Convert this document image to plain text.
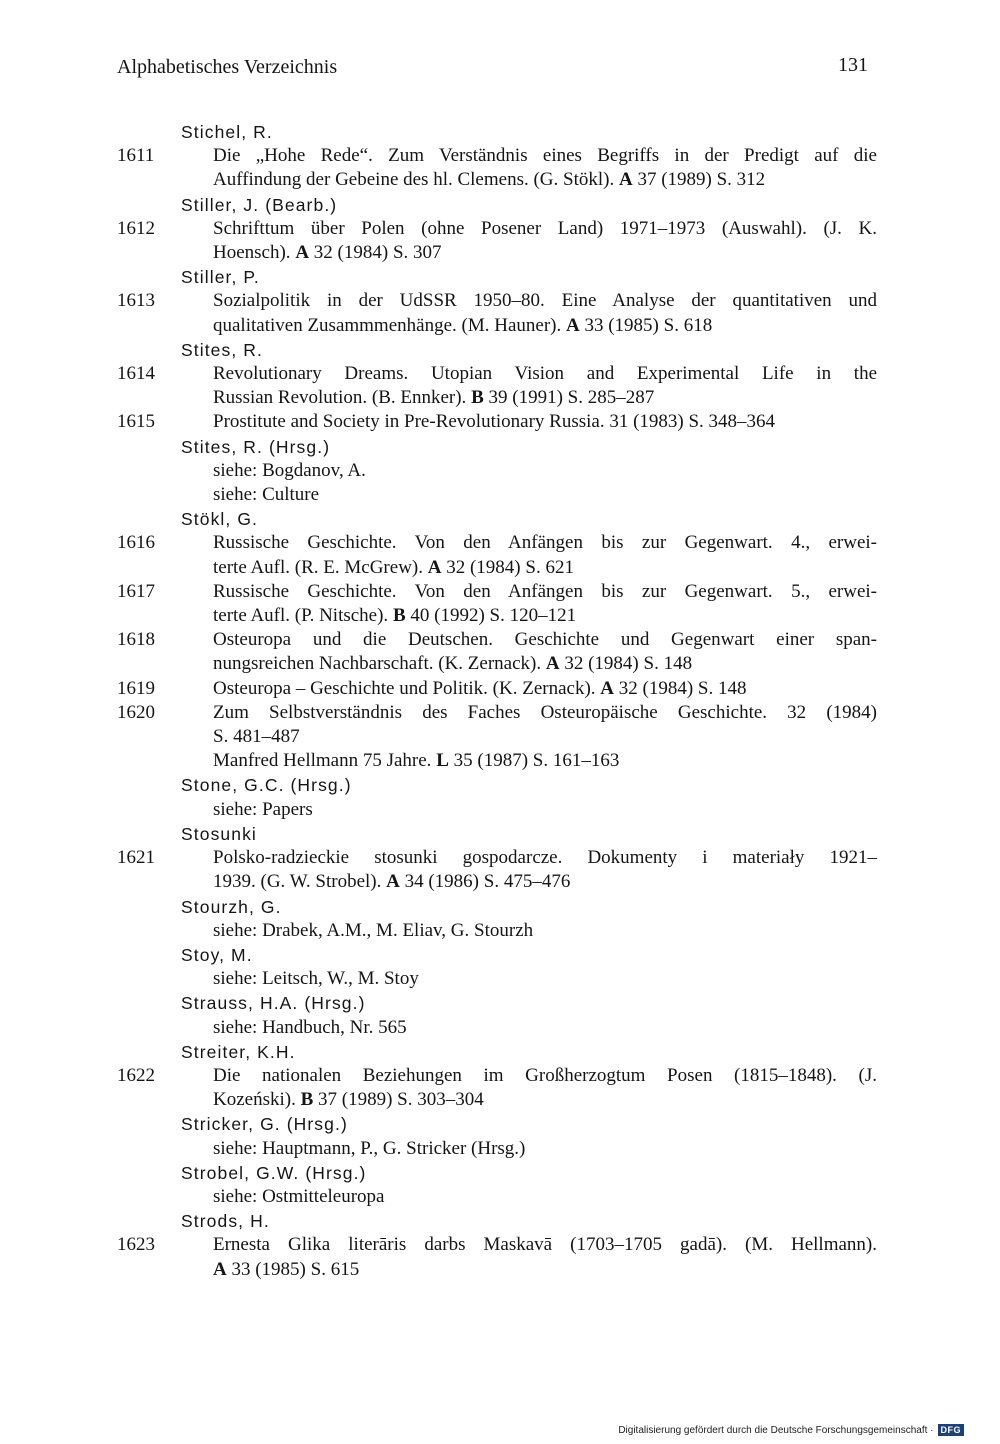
Alphabetisches Verzeichnis	131
Stichel, R.
1611	Die „Hohe Rede“. Zum Verständnis eines Begriffs in der Predigt auf die
Auffindung der Gebeine des hl. Clemens. (G. Stökl). A 37 (1989) S. 312
Stiller, J. (Bearb.)
1612	Schrifttum über Polen (ohne Posener Land) 1971–1973 (Auswahl). (J. K.
Hoensch). A 32 (1984) S. 307
Stiller, P.
1613	Sozialpolitik in der UdSSR 1950–80. Eine Analyse der quantitativen und
qualitativen Zusammmenhänge. (M. Hauner). A 33 (1985) S. 618
Stites, R.
1614	Revolutionary Dreams. Utopian Vision and Experimental Life in the
Russian Revolution. (B. Ennker). B 39 (1991) S. 285–287
1615	Prostitute and Society in Pre-Revolutionary Russia. 31 (1983) S. 348–364
Stites, R. (Hrsg.)
siehe: Bogdanov, A.
siehe: Culture
Stökl, G.
1616	Russische Geschichte. Von den Anfängen bis zur Gegenwart. 4., erwei-
terte Aufl. (R. E. McGrew). A 32 (1984) S. 621
1617	Russische Geschichte. Von den Anfängen bis zur Gegenwart. 5., erwei-
terte Aufl. (P. Nitsche). B 40 (1992) S. 120–121
1618	Osteuropa und die Deutschen. Geschichte und Gegenwart einer span-
nungsreichen Nachbarschaft. (K. Zernack). A 32 (1984) S. 148
1619	Osteuropa – Geschichte und Politik. (K. Zernack). A 32 (1984) S. 148
1620	Zum Selbstverständnis des Faches Osteuropäische Geschichte. 32 (1984)
S. 481–487
Manfred Hellmann 75 Jahre. L 35 (1987) S. 161–163
Stone, G.C. (Hrsg.)
siehe: Papers
Stosunki
1621	Polsko-radzieckie stosunki gospodarcze. Dokumenty i materiały 1921–
1939. (G. W. Strobel). A 34 (1986) S. 475–476
Stourzh, G.
siehe: Drabek, A.M., M. Eliav, G. Stourzh
Stoy, M.
siehe: Leitsch, W., M. Stoy
Strauss, H.A. (Hrsg.)
siehe: Handbuch, Nr. 565
Streiter, K.H.
1622	Die nationalen Beziehungen im Großherzogtum Posen (1815–1848). (J.
Kozeński). B 37 (1989) S. 303–304
Stricker, G. (Hrsg.)
siehe: Hauptmann, P., G. Stricker (Hrsg.)
Strobel, G.W. (Hrsg.)
siehe: Ostmitteleuropa
Strods, H.
1623	Ernesta Glika literāris darbs Maskavā (1703–1705 gadā). (M. Hellmann).
A 33 (1985) S. 615
Digitalisierung gefördert durch die Deutsche Forschungsgemeinschaft · DFG
